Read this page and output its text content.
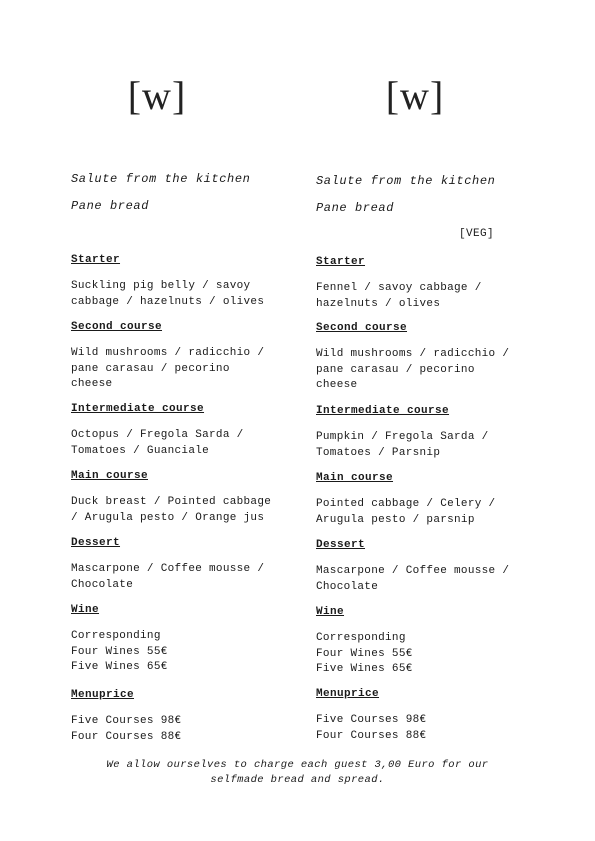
[w]	[w]
Salute from the kitchen
Pane bread
Starter
Suckling pig belly / savoy
cabbage / hazelnuts / olives
Second course
Wild mushrooms / radicchio /
pane carasau / pecorino
cheese
Intermediate course
Octopus / Fregola Sarda /
Tomatoes / Guanciale
Main course
Duck breast / Pointed cabbage
/ Arugula pesto / Orange jus
Dessert
Mascarpone / Coffee mousse /
Chocolate
Wine
Corresponding
Four Wines 55€
Five Wines 65€
Menuprice
Five Courses 98€
Four Courses 88€
Salute from the kitchen
Pane bread
[VEG]
Starter
Fennel / savoy cabbage /
hazelnuts / olives
Second course
Wild mushrooms / radicchio /
pane carasau / pecorino
cheese
Intermediate course
Pumpkin / Fregola Sarda /
Tomatoes / Parsnip
Main course
Pointed cabbage / Celery /
Arugula pesto / parsnip
Dessert
Mascarpone / Coffee mousse /
Chocolate
Wine
Corresponding
Four Wines 55€
Five Wines 65€
Menuprice
Five Courses 98€
Four Courses 88€
We allow ourselves to charge each guest 3,00 Euro for our
selfmade bread and spread.
